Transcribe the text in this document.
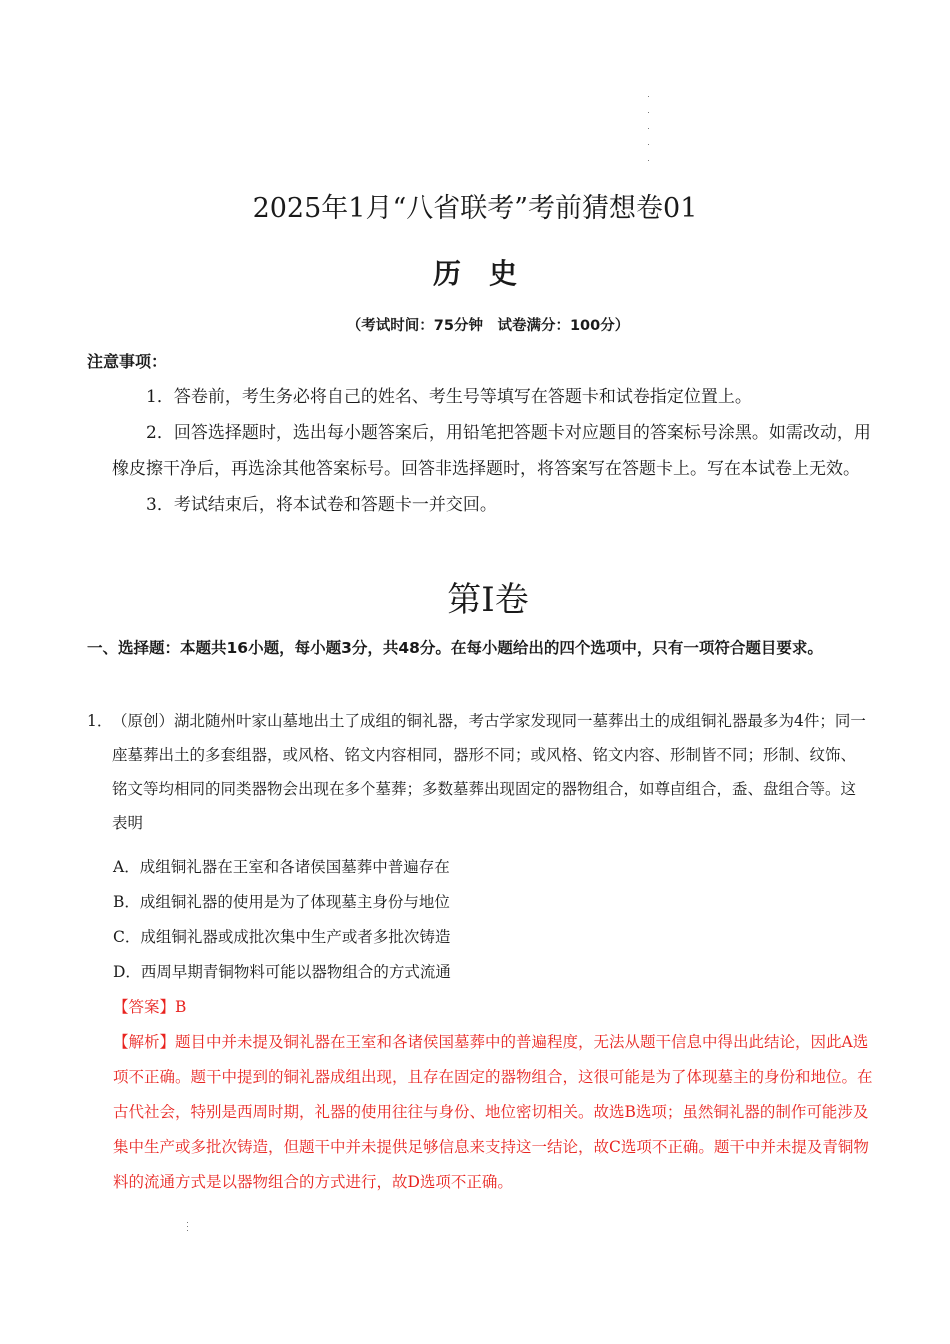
2025年1月“八省联考”考前猜想卷01
历史
（考试时间：75分钟　试卷满分：100分）
注意事项：

1．答卷前，考生务必将自己的姓名、考生号等填写在答题卡和试卷指定位置上。

2．回答选择题时，选出每小题答案后，用铅笔把答题卡对应题目的答案标号涂黑。如需改动，用橡皮擦干净后，再选涂其他答案标号。回答非选择题时，将答案写在答题卡上。写在本试卷上无效。

3．考试结束后，将本试卷和答题卡一并交回。

第Ⅰ卷
一、选择题：本题共16小题，每小题3分，共48分。在每小题给出的四个选项中，只有一项符合题目要求。
1． （原创）湖北随州叶家山墓地出土了成组的铜礼器，考古学家发现同一墓葬出土的成组铜礼器最多为4件；同一座墓葬出土的多套组器，或风格、铭文内容相同，器形不同；或风格、铭文内容、形制皆不同；形制、纹饰、铭文等均相同的同类器物会出现在多个墓葬；多数墓葬出现固定的器物组合，如尊卣组合，盉、盘组合等。这表明
A．成组铜礼器在王室和各诸侯国墓葬中普遍存在
B．成组铜礼器的使用是为了体现墓主身份与地位
C．成组铜礼器或成批次集中生产或者多批次铸造
D．西周早期青铜物料可能以器物组合的方式流通

【答案】B

【解析】题目中并未提及铜礼器在王室和各诸侯国墓葬中的普遍程度，无法从题干信息中得出此结论，因此A选项不正确。题干中提到的铜礼器成组出现，且存在固定的器物组合，这很可能是为了体现墓主的身份和地位。在古代社会，特别是西周时期，礼器的使用往往与身份、地位密切相关。故选B选项；虽然铜礼器的制作可能涉及集中生产或多批次铸造，但题干中并未提供足够信息来支持这一结论，故C选项不正确。题干中并未提及青铜物料的流通方式是以器物组合的方式进行，故D选项不正确。
